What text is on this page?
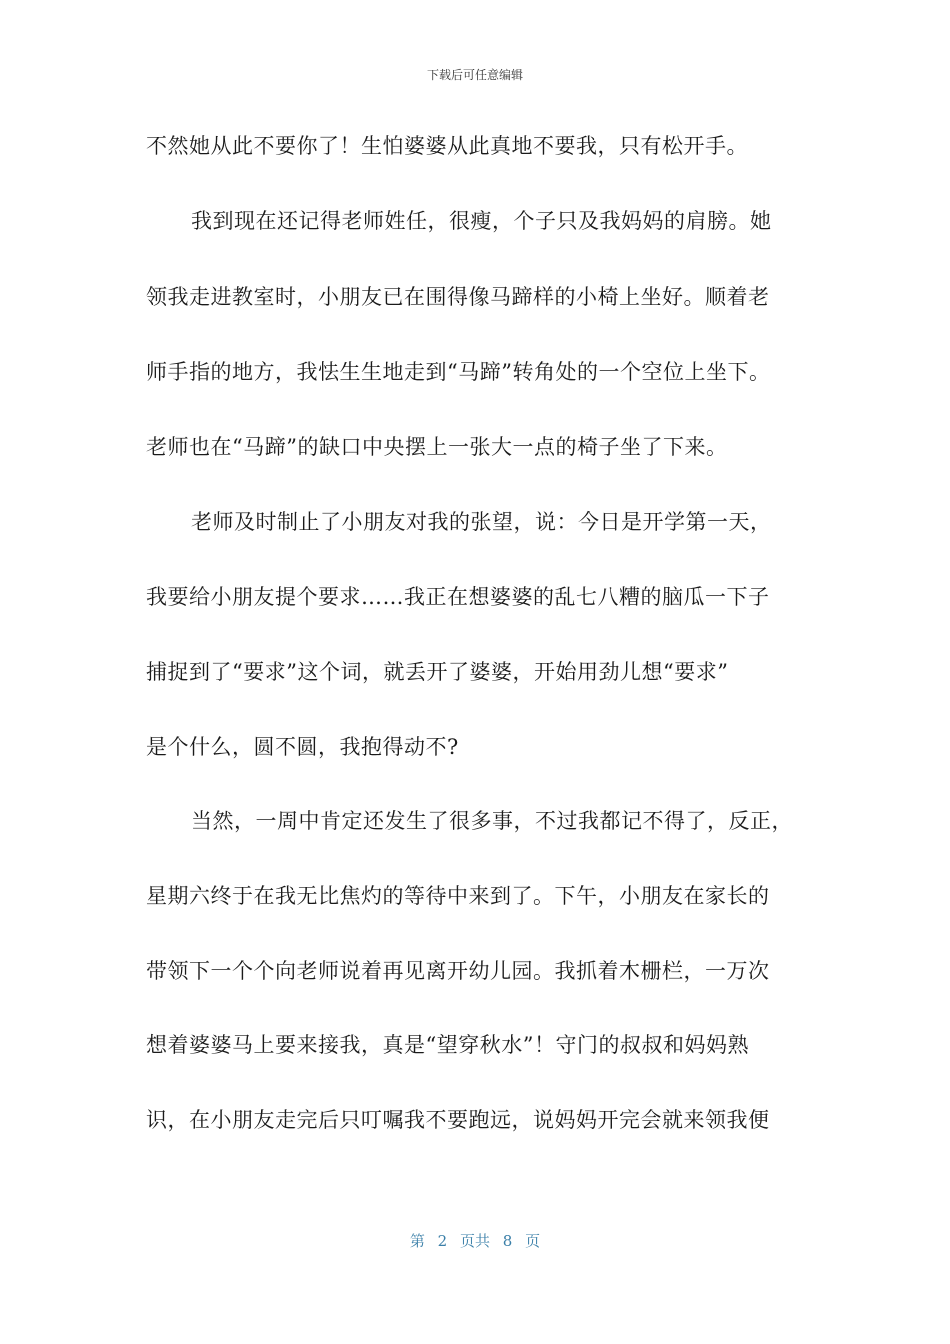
下载后可任意编辑
不然她从此不要你了！生怕婆婆从此真地不要我，只有松开手。
我到现在还记得老师姓任，很瘦，个子只及我妈妈的肩膀。她
领我走进教室时，小朋友已在围得像马蹄样的小椅上坐好。顺着老
师手指的地方，我怯生生地走到“马蹄”转角处的一个空位上坐下。
老师也在“马蹄”的缺口中央摆上一张大一点的椅子坐了下来。
老师及时制止了小朋友对我的张望，说：今日是开学第一天，
我要给小朋友提个要求……我正在想婆婆的乱七八糟的脑瓜一下子
捕捉到了“要求”这个词，就丢开了婆婆，开始用劲儿想“要求”
是个什么，圆不圆，我抱得动不?
当然，一周中肯定还发生了很多事，不过我都记不得了，反正，
星期六终于在我无比焦灼的等待中来到了。下午，小朋友在家长的
带领下一个个向老师说着再见离开幼儿园。我抓着木栅栏，一万次
想着婆婆马上要来接我，真是“望穿秋水”！守门的叔叔和妈妈熟
识，在小朋友走完后只叮嘱我不要跑远，说妈妈开完会就来领我便
第 2 页共 8 页
